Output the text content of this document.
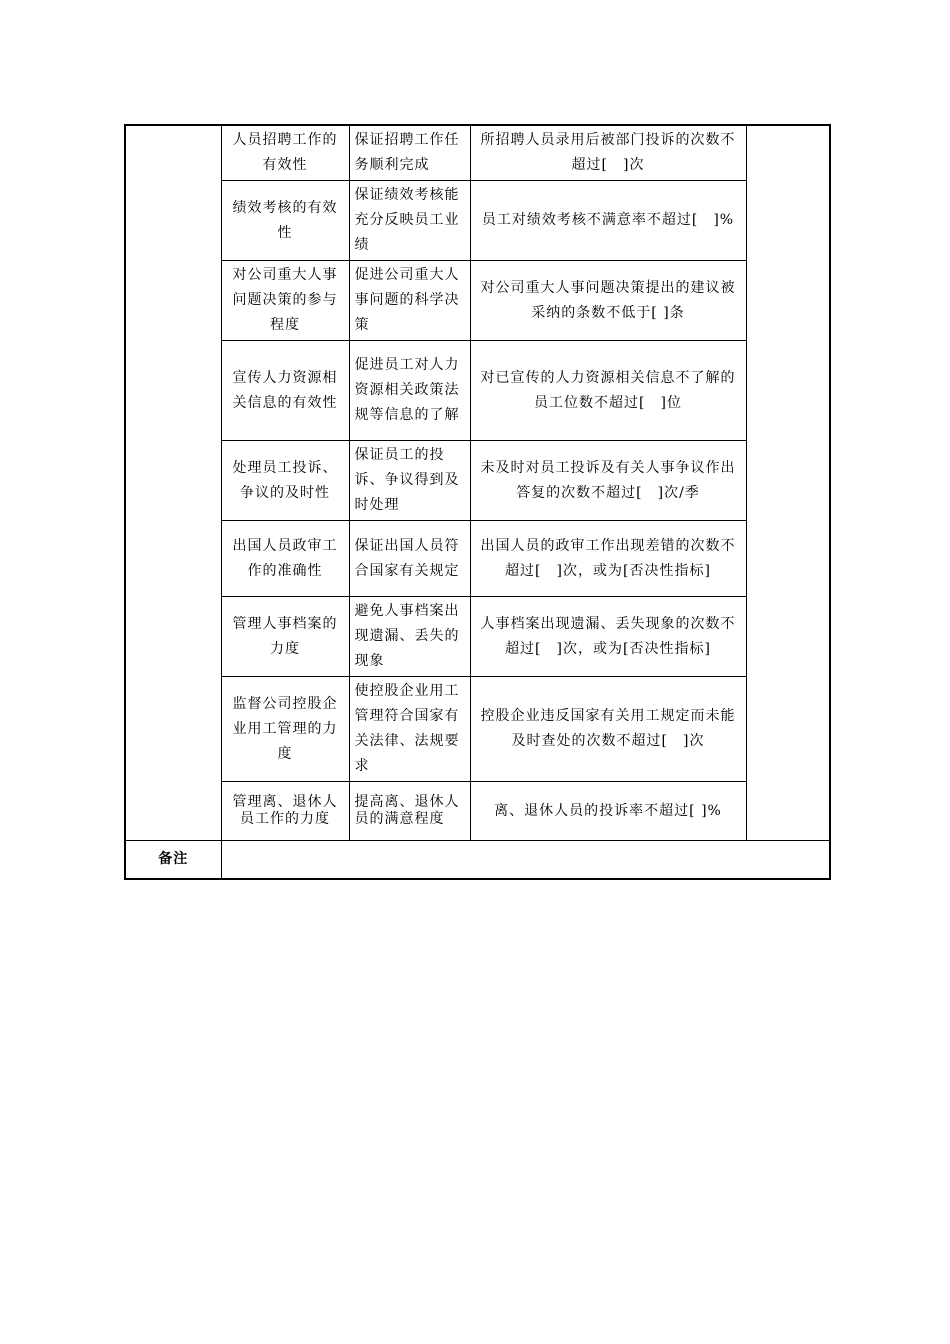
	人员招聘工作的有效性	保证招聘工作任务顺利完成	所招聘人员录用后被部门投诉的次数不超过[　]次	
	绩效考核的有效性	保证绩效考核能充分反映员工业绩	员工对绩效考核不满意率不超过[　]%	
	对公司重大人事问题决策的参与程度	促进公司重大人事问题的科学决策	对公司重大人事问题决策提出的建议被采纳的条数不低于[ ]条	
	宣传人力资源相关信息的有效性	促进员工对人力资源相关政策法规等信息的了解	对已宣传的人力资源相关信息不了解的员工位数不超过[　]位	
	处理员工投诉、争议的及时性	保证员工的投诉、争议得到及时处理	未及时对员工投诉及有关人事争议作出答复的次数不超过[　]次/季	
	出国人员政审工作的准确性	保证出国人员符合国家有关规定	出国人员的政审工作出现差错的次数不超过[　]次，或为[否决性指标]	
	管理人事档案的力度	避免人事档案出现遗漏、丢失的现象	人事档案出现遗漏、丢失现象的次数不超过[　]次，或为[否决性指标]	
	监督公司控股企业用工管理的力度	使控股企业用工管理符合国家有关法律、法规要求	控股企业违反国家有关用工规定而未能及时查处的次数不超过[　]次	
	管理离、退休人员工作的力度	提高离、退休人员的满意程度	离、退休人员的投诉率不超过[ ]%	
备注				
